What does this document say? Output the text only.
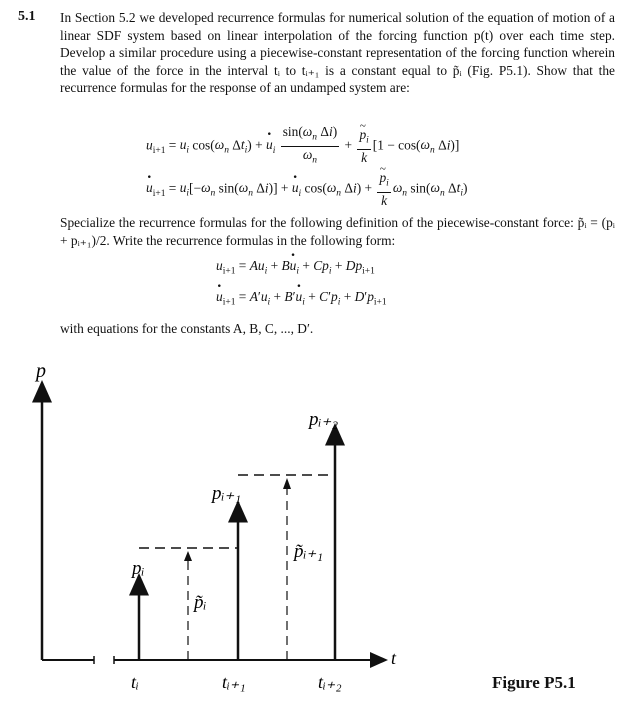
5.1 In Section 5.2 we developed recurrence formulas for numerical solution of the equation of motion of a linear SDF system based on linear interpolation of the forcing function p(t) over each time step. Develop a similar procedure using a piecewise-constant representation of the forcing function wherein the value of the force in the interval tᵢ to tᵢ₊₁ is a constant equal to p̃ᵢ (Fig. P5.1). Show that the recurrence formulas for the response of an undamped system are:
$u_{i+1} = u_i$ $\cos(\omega_n$ $\Delta t_i$) + · $u_i \frac{\sin(\omega_n \Delta i)}{\omega_n}$ + ~ $\frac{p_i}{k} [1 - \cos(\omega_n$ Δi)]
· $u_{i+1} = u_i[-\omega_n$ $\sin(\omega_n$ Δi)] + · $u_i$ $\cos(\omega_n$ Δi) + ~ $\frac{p_i}{k} \omega_n$ $\sin(\omega_n$ $\Delta t_i$)
Specialize the recurrence formulas for the following definition of the piecewise-constant force: p̃ᵢ = (pᵢ + pᵢ₊₁)/2. Write the recurrence formulas in the following form:
$u_{i+1} = Au_i + B\cdot u_i + Cp_i + Dp_{i+1}$
· $u_{i+1} = A'u_i + B'\cdot u_i + C'p_i + D'p_{i+1}$
with equations for the constants A, B, C, ..., D′.
p
t
pᵢ
pᵢ₊₁
pᵢ₊₂
p̃ᵢ
p̃ᵢ₊₁
tᵢ	tᵢ₊₁	tᵢ₊₂	Figure P5.1
